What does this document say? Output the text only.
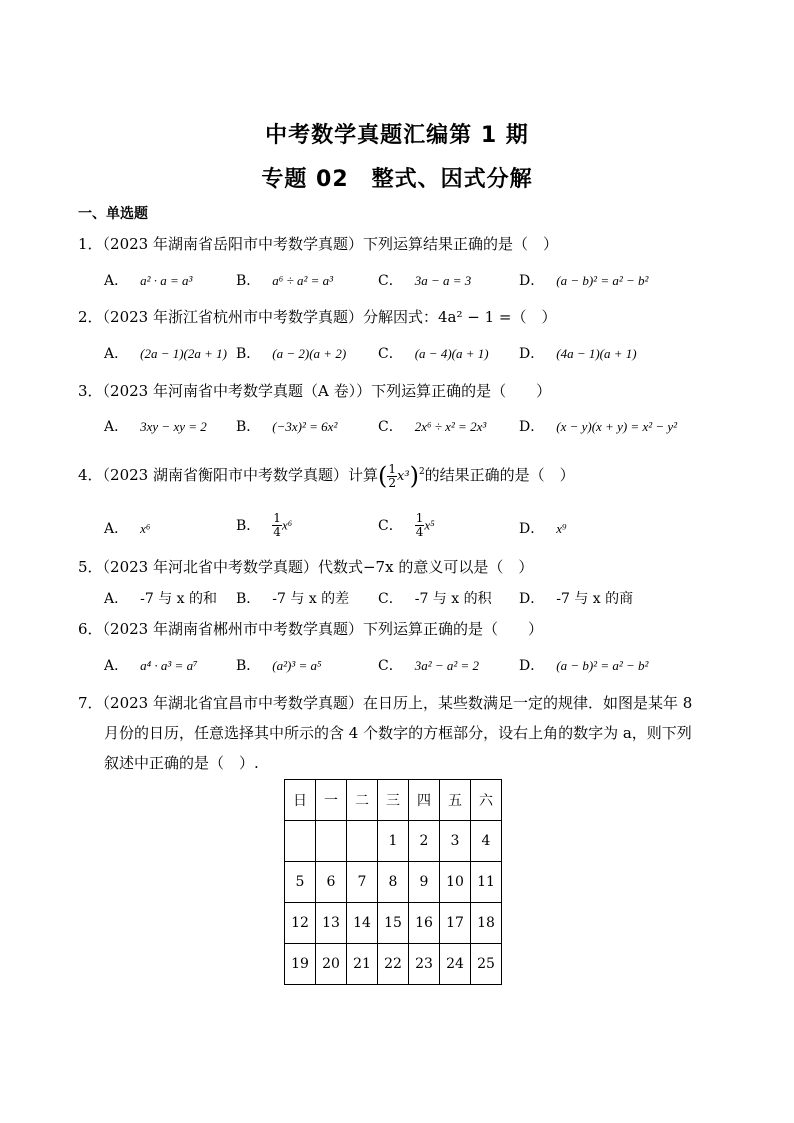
中考数学真题汇编第 1 期
专题 02　整式、因式分解
一、单选题
1．（2023 年湖南省岳阳市中考数学真题）下列运算结果正确的是（　）
A． a² · a = a³	B． a⁶ ÷ a² = a³	C． 3a − a = 3	D． (a − b)² = a² − b²
2．（2023 年浙江省杭州市中考数学真题）分解因式：4a² − 1 =（　）
A． (2a − 1)(2a + 1) B． (a − 2)(a + 2) C． (a − 4)(a + 1) D． (4a − 1)(a + 1)
3．（2023 年河南省中考数学真题（A 卷））下列运算正确的是（　　）
A． 3xy − xy = 2 B． (−3x)² = 6x²	C． 2x⁶ ÷ x² = 2x³ D． (x − y)(x + y) = x² − y²
4．（2023 湖南省衡阳市中考数学真题）计算( $\frac{1}{2} x^3)^2$的结果正确的是（　）
A． x⁶	B． $\frac{1}{4} x^6$	C． $\frac{1}{4} x^5$	D． x⁹
5．（2023 年河北省中考数学真题）代数式−7x 的意义可以是（　）
A． -7 与 x 的和 B． -7 与 x 的差 C． -7 与 x 的积 D． -7 与 x 的商
6．（2023 年湖南省郴州市中考数学真题）下列运算正确的是（　　）
A． a⁴ · a³ = a⁷	B． (a²)³ = a⁵	C． 3a² − a² = 2	D． (a − b)² = a² − b²
7．（2023 年湖北省宜昌市中考数学真题）在日历上，某些数满足一定的规律．如图是某年 8
月份的日历，任意选择其中所示的含 4 个数字的方框部分，设右上角的数字为 a，则下列
叙述中正确的是（　）.
日	一	二	三	四	五	六
			1	2	3	4
5	6	7	8	9	10	11
12	13	14	15	16	17	18
19	20	21	22	23	24	25
